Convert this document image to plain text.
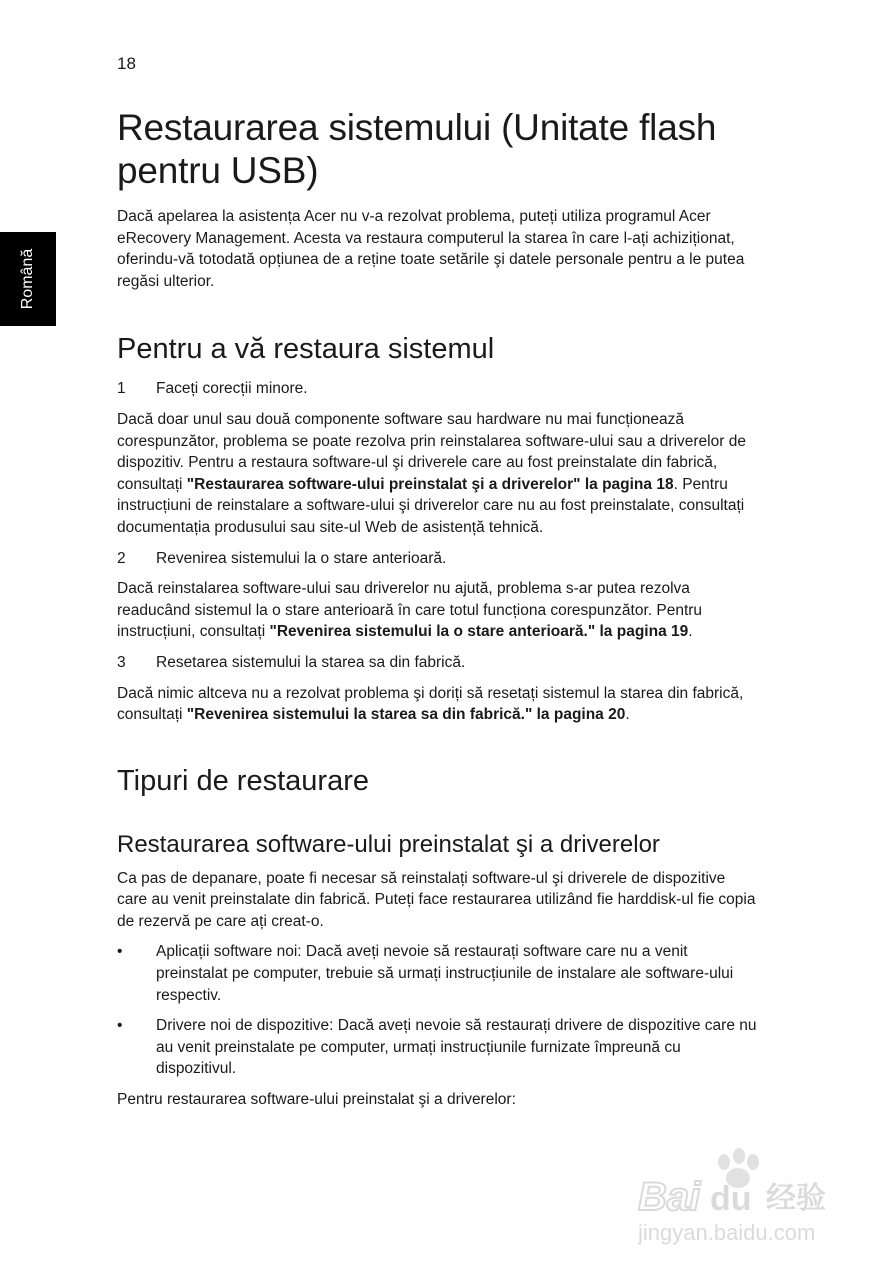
18
Română
Restaurarea sistemului (Unitate flash pentru USB)

Dacă apelarea la asistența Acer nu v-a rezolvat problema, puteți utiliza programul Acer eRecovery Management. Acesta va restaura computerul la starea în care l-ați achiziționat, oferindu-vă totodată opțiunea de a reține toate setările şi datele personale pentru a le putea regăsi ulterior.

Pentru a vă restaura sistemul
1	Faceți corecții minore.

Dacă doar unul sau două componente software sau hardware nu mai funcționează corespunzător, problema se poate rezolva prin reinstalarea software-ului sau a driverelor de dispozitiv. Pentru a restaura software-ul şi driverele care au fost preinstalate din fabrică, consultați "Restaurarea software-ului preinstalat şi a driverelor" la pagina 18. Pentru instrucțiuni de reinstalare a software-ului şi driverelor care nu au fost preinstalate, consultați documentația produsului sau site-ul Web de asistență tehnică.

2	Revenirea sistemului la o stare anterioară.

Dacă reinstalarea software-ului sau driverelor nu ajută, problema s-ar putea rezolva readucând sistemul la o stare anterioară în care totul funcționa corespunzător. Pentru instrucțiuni, consultați "Revenirea sistemului la o stare anterioară." la pagina 19.

3	Resetarea sistemului la starea sa din fabrică.

Dacă nimic altceva nu a rezolvat problema şi doriți să resetați sistemul la starea din fabrică, consultați "Revenirea sistemului la starea sa din fabrică." la pagina 20.

Tipuri de restaurare
Restaurarea software-ului preinstalat şi a driverelor

Ca pas de depanare, poate fi necesar să reinstalați software-ul şi driverele de dispozitive care au venit preinstalate din fabrică. Puteți face restaurarea utilizând fie harddisk-ul fie copia de rezervă pe care ați creat-o.

•	Aplicații software noi: Dacă aveți nevoie să restaurați software care nu a venit preinstalat pe computer, trebuie să urmați instrucțiunile de instalare ale software-ului respectiv.
•	Drivere noi de dispozitive: Dacă aveți nevoie să restaurați drivere de dispozitive care nu au venit preinstalate pe computer, urmați instrucțiunile furnizate împreună cu dispozitivul.

Pentru restaurarea software-ului preinstalat şi a driverelor:

Bai du 经验
jingyan.baidu.com
